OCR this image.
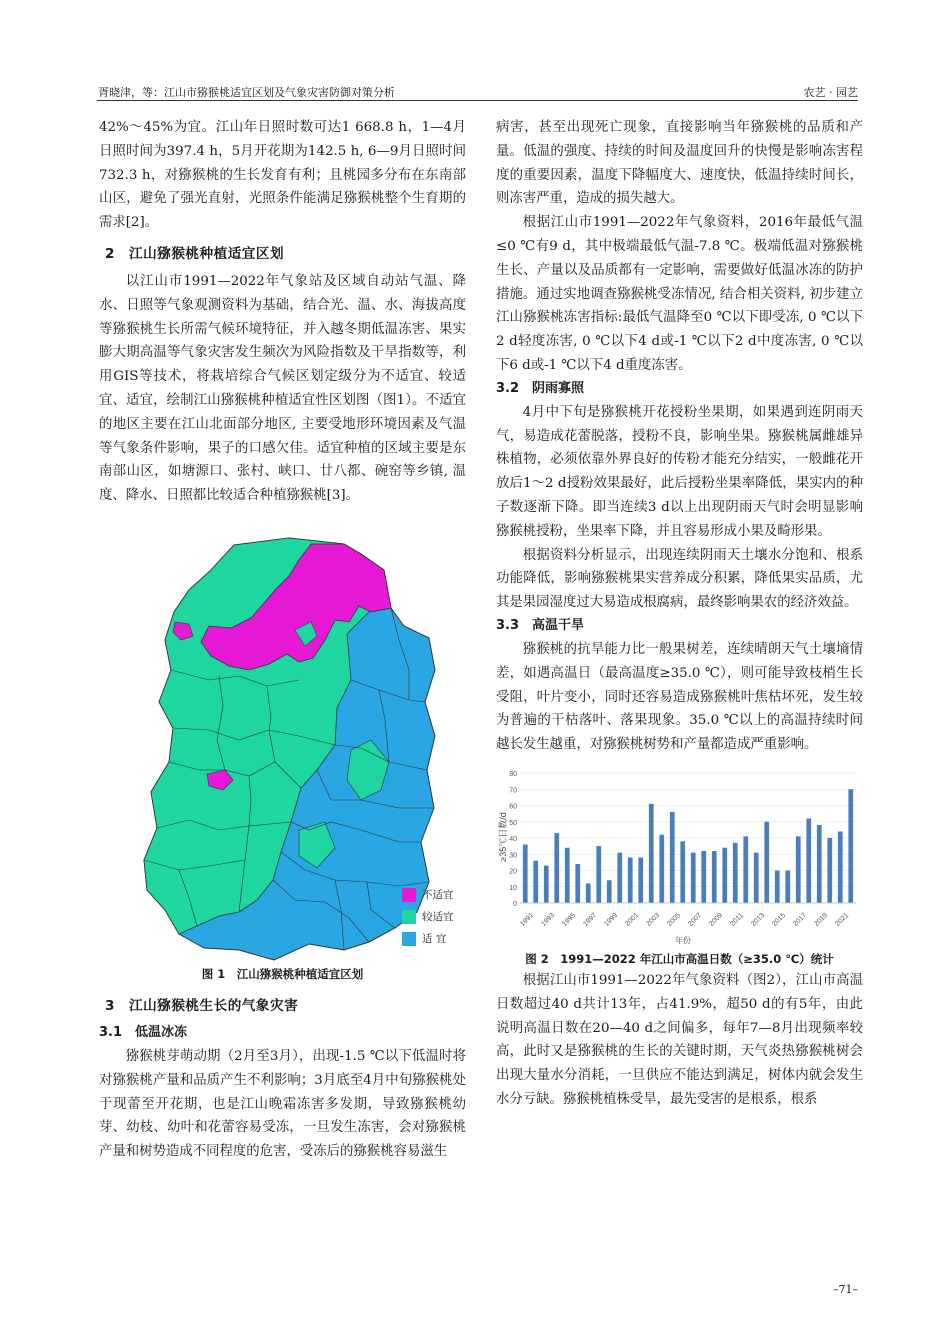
胥晓津，等：江山市猕猴桃适宜区划及气象灾害防御对策分析	农艺 · 园艺

42%～45%为宜。江山年日照时数可达1 668.8 h，1—4月日照时间为397.4 h，5月开花期为142.5 h, 6—9月日照时间732.3 h，对猕猴桃的生长发育有利；且桃园多分布在东南部山区，避免了强光直射，光照条件能满足猕猴桃整个生育期的需求[2]。

2　江山猕猴桃种植适宜区划

以江山市1991—2022年气象站及区域自动站气温、降水、日照等气象观测资料为基础，结合光、温、水、海拔高度等猕猴桃生长所需气候环境特征，并入越冬期低温冻害、果实膨大期高温等气象灾害发生频次为风险指数及干旱指数等，利用GIS等技术，将栽培综合气候区划定级分为不适宜、较适宜、适宜，绘制江山猕猴桃种植适宜性区划图（图1）。不适宜的地区主要在江山北面部分地区, 主要受地形环境因素及气温等气象条件影响，果子的口感欠佳。适宜种植的区域主要是东南部山区，如塘源口、张村、峡口、廿八都、碗窑等乡镇, 温度、降水、日照都比较适合种植猕猴桃[3]。

不适宜
较适宜
适 宜
图 1　江山猕猴桃种植适宜区划
3　江山猕猴桃生长的气象灾害
3.1　低温冰冻

猕猴桃芽萌动期（2月至3月），出现-1.5 ℃以下低温时将对猕猴桃产量和品质产生不利影响；3月底至4月中旬猕猴桃处于现蕾至开花期，也是江山晚霜冻害多发期，导致猕猴桃幼芽、幼枝、幼叶和花蕾容易受冻，一旦发生冻害，会对猕猴桃产量和树势造成不同程度的危害，受冻后的猕猴桃容易滋生

病害，甚至出现死亡现象，直接影响当年猕猴桃的品质和产量。低温的强度、持续的时间及温度回升的快慢是影响冻害程度的重要因素，温度下降幅度大、速度快，低温持续时间长，则冻害严重，造成的损失越大。

根据江山市1991—2022年气象资料，2016年最低气温≤0 ℃有9 d，其中极端最低气温-7.8 ℃。极端低温对猕猴桃生长、产量以及品质都有一定影响，需要做好低温冰冻的防护措施。通过实地调查猕猴桃受冻情况, 结合相关资料, 初步建立江山猕猴桃冻害指标:最低气温降至0 ℃以下即受冻, 0 ℃以下2 d轻度冻害, 0 ℃以下4 d或-1 ℃以下2 d中度冻害, 0 ℃以下6 d或-1 ℃以下4 d重度冻害。

3.2　阴雨寡照

4月中下旬是猕猴桃开花授粉坐果期，如果遇到连阴雨天气，易造成花蕾脱落，授粉不良，影响坐果。猕猴桃属雌雄异株植物，必须依靠外界良好的传粉才能充分结实，一般雌花开放后1～2 d授粉效果最好，此后授粉坐果率降低，果实内的种子数逐渐下降。即当连续3 d以上出现阴雨天气时会明显影响猕猴桃授粉，坐果率下降，并且容易形成小果及畸形果。

根据资料分析显示，出现连续阴雨天土壤水分饱和、根系功能降低，影响猕猴桃果实营养成分积累，降低果实品质，尤其是果园湿度过大易造成根腐病，最终影响果农的经济效益。

3.3　高温干旱

猕猴桃的抗旱能力比一般果树差，连续晴朗天气土壤墒情差，如遇高温日（最高温度≥35.0 ℃），则可能导致枝梢生长受阻，叶片变小，同时还容易造成猕猴桃叶焦枯坏死，发生较为普遍的干枯落叶、落果现象。35.0 ℃以上的高温持续时间越长发生越重，对猕猴桃树势和产量都造成严重影响。

0
10
20
30
40
50
60
70
80
1991 1993 1995 1997 1999 2001 2003 2005 2007 2009 2011 2013 2015 2017 2019 2021
≥35℃日数/d
年份
图 2　1991—2022 年江山市高温日数（≥35.0 ℃）统计

根据江山市1991—2022年气象资料（图2），江山市高温日数超过40 d共计13年，占41.9%，超50 d的有5年，由此说明高温日数在20—40 d之间偏多，每年7—8月出现频率较高，此时又是猕猴桃的生长的关键时期，天气炎热猕猴桃树会出现大量水分消耗，一旦供应不能达到满足，树体内就会发生水分亏缺。猕猴桃植株受旱，最先受害的是根系，根系

–71–
